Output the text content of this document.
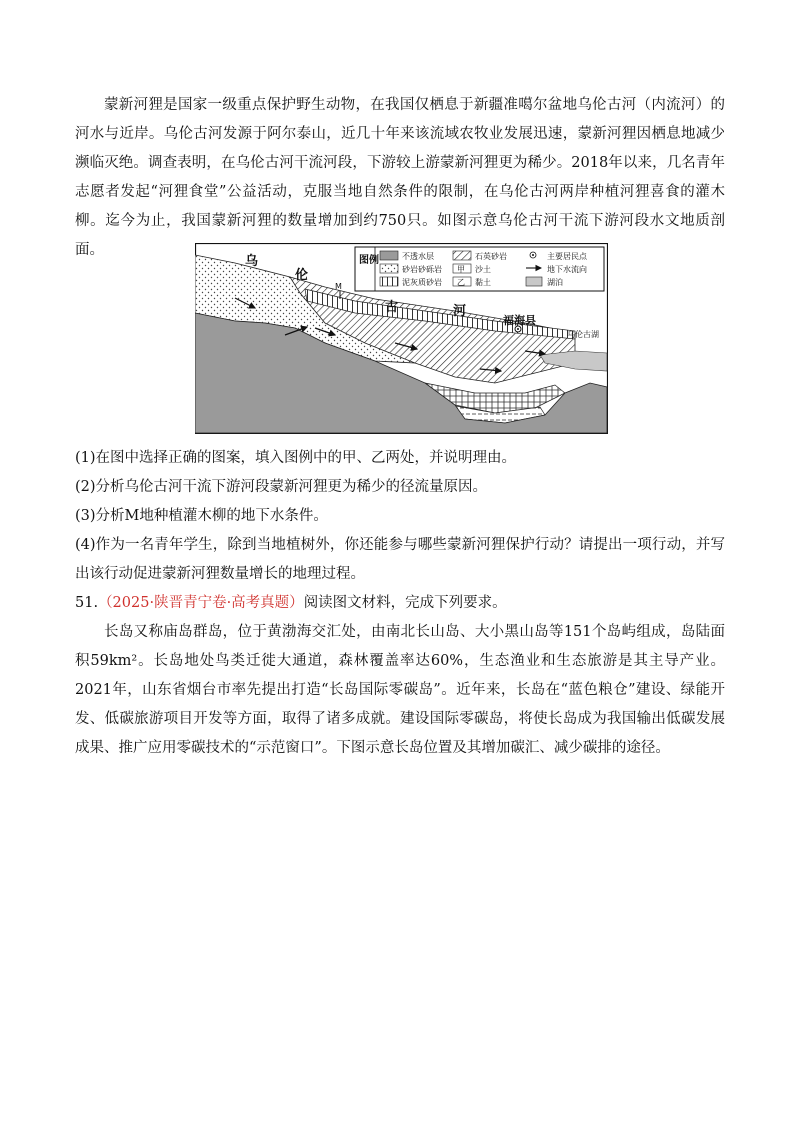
蒙新河狸是国家一级重点保护野生动物，在我国仅栖息于新疆准噶尔盆地乌伦古河（内流河）的河水与近岸。乌伦古河发源于阿尔泰山，近几十年来该流域农牧业发展迅速，蒙新河狸因栖息地减少濒临灭绝。调查表明，在乌伦古河干流河段，下游较上游蒙新河狸更为稀少。2018年以来，几名青年志愿者发起“河狸食堂”公益活动，克服当地自然条件的限制，在乌伦古河两岸种植河狸喜食的灌木柳。迄今为止，我国蒙新河狸的数量增加到约750只。如图示意乌伦古河干流下游河段水文地质剖面。

乌
伦
古	河
M
福海县
乌伦古湖
图例	不透水层
砂岩砂砾岩
泥灰质砂岩
石英砂岩
甲 沙土
乙 黏土
主要居民点
地下水流向
湖泊

(1)在图中选择正确的图案，填入图例中的甲、乙两处，并说明理由。

(2)分析乌伦古河干流下游河段蒙新河狸更为稀少的径流量原因。

(3)分析M地种植灌木柳的地下水条件。

(4)作为一名青年学生，除到当地植树外，你还能参与哪些蒙新河狸保护行动？请提出一项行动，并写出该行动促进蒙新河狸数量增长的地理过程。

51.（2025·陕晋青宁卷·高考真题）阅读图文材料，完成下列要求。

长岛又称庙岛群岛，位于黄渤海交汇处，由南北长山岛、大小黑山岛等151个岛屿组成，岛陆面积59km²。长岛地处鸟类迁徙大通道，森林覆盖率达60%，生态渔业和生态旅游是其主导产业。2021年，山东省烟台市率先提出打造“长岛国际零碳岛”。近年来，长岛在“蓝色粮仓”建设、绿能开发、低碳旅游项目开发等方面，取得了诸多成就。建设国际零碳岛，将使长岛成为我国输出低碳发展成果、推广应用零碳技术的“示范窗口”。下图示意长岛位置及其增加碳汇、减少碳排的途径。
